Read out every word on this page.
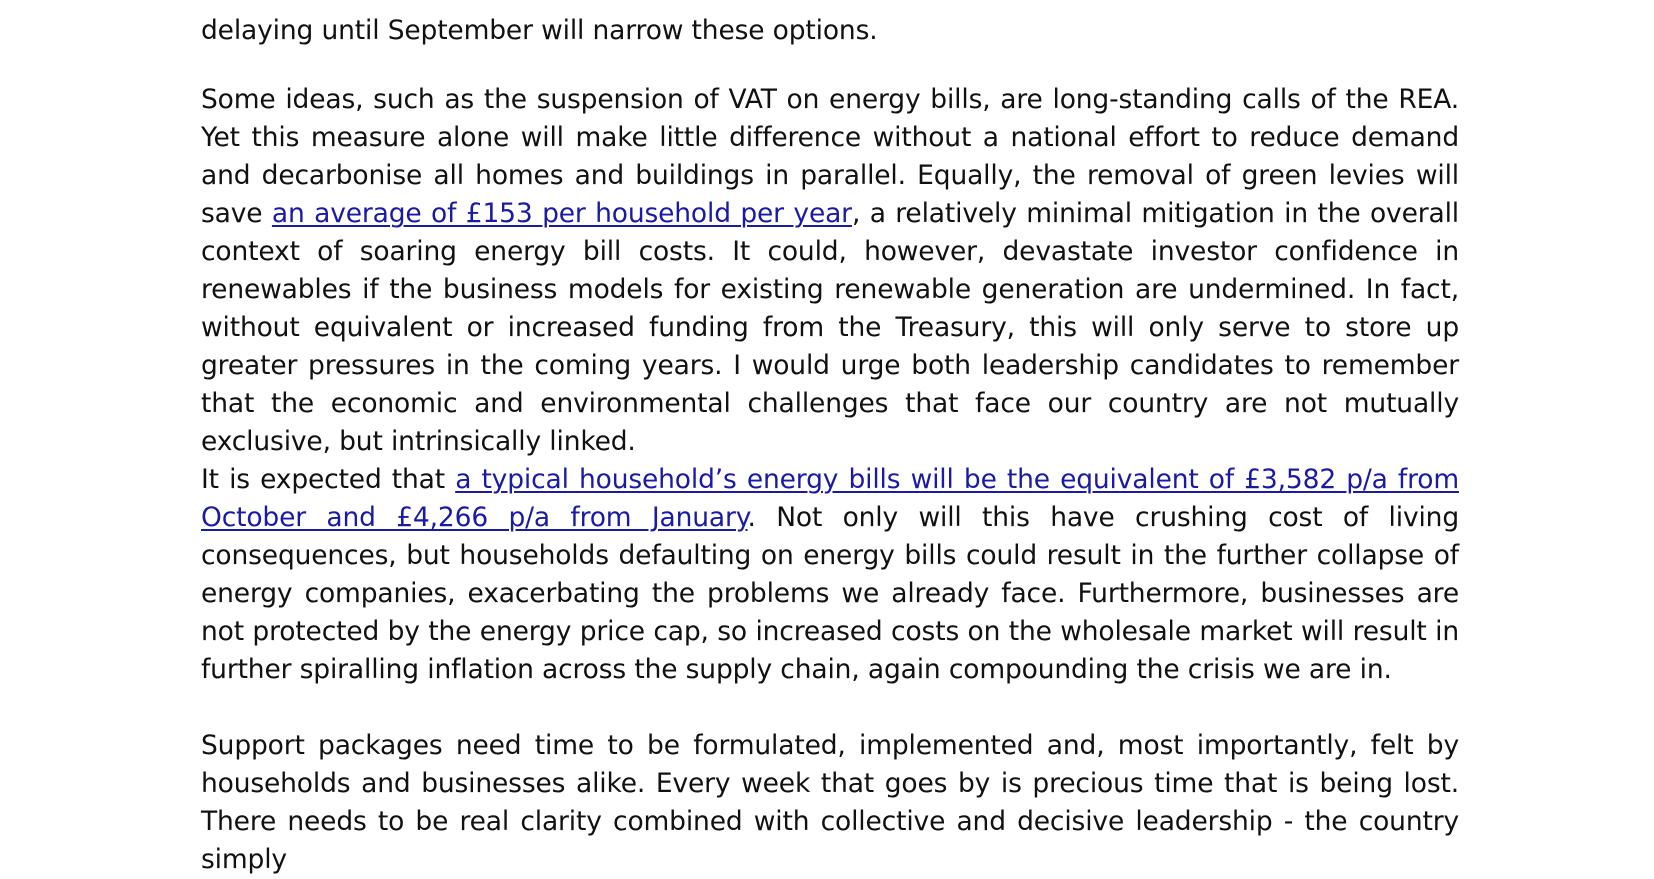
delaying until September will narrow these options.

Some ideas, such as the suspension of VAT on energy bills, are long-standing calls of the REA. Yet this measure alone will make little difference without a national effort to reduce demand and decarbonise all homes and buildings in parallel. Equally, the removal of green levies will save an average of £153 per household per year, a relatively minimal mitigation in the overall context of soaring energy bill costs. It could, however, devastate investor confidence in renewables if the business models for existing renewable generation are undermined. In fact, without equivalent or increased funding from the Treasury, this will only serve to store up greater pressures in the coming years. I would urge both leadership candidates to remember that the economic and environmental challenges that face our country are not mutually exclusive, but intrinsically linked.

It is expected that a typical household’s energy bills will be the equivalent of £3,582 p/a from October and £4,266 p/a from January. Not only will this have crushing cost of living consequences, but households defaulting on energy bills could result in the further collapse of energy companies, exacerbating the problems we already face. Furthermore, businesses are not protected by the energy price cap, so increased costs on the wholesale market will result in further spiralling inflation across the supply chain, again compounding the crisis we are in.

Support packages need time to be formulated, implemented and, most importantly, felt by households and businesses alike. Every week that goes by is precious time that is being lost. There needs to be real clarity combined with collective and decisive leadership - the country simply
